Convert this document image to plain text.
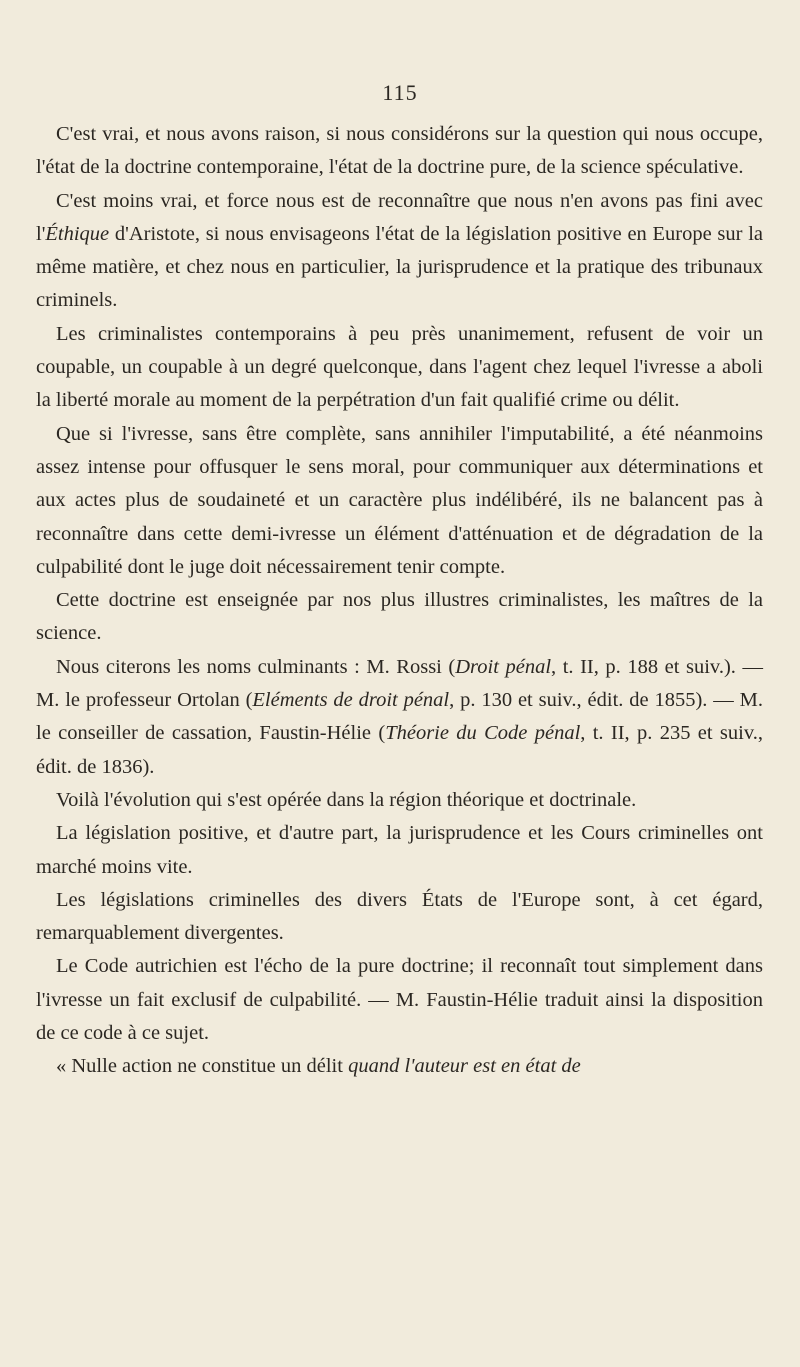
115

C'est vrai, et nous avons raison, si nous considérons sur la question qui nous occupe, l'état de la doctrine contemporaine, l'état de la doctrine pure, de la science spéculative.

C'est moins vrai, et force nous est de reconnaître que nous n'en avons pas fini avec l'Éthique d'Aristote, si nous envisageons l'état de la législation positive en Europe sur la même matière, et chez nous en particulier, la jurisprudence et la pratique des tribunaux criminels.

Les criminalistes contemporains à peu près unanimement, refusent de voir un coupable, un coupable à un degré quelconque, dans l'agent chez lequel l'ivresse a aboli la liberté morale au moment de la perpétration d'un fait qualifié crime ou délit.

Que si l'ivresse, sans être complète, sans annihiler l'imputabilité, a été néanmoins assez intense pour offusquer le sens moral, pour communiquer aux déterminations et aux actes plus de soudaineté et un caractère plus indélibéré, ils ne balancent pas à reconnaître dans cette demi-ivresse un élément d'atténuation et de dégradation de la culpabilité dont le juge doit nécessairement tenir compte.

Cette doctrine est enseignée par nos plus illustres criminalistes, les maîtres de la science.

Nous citerons les noms culminants : M. Rossi (Droit pénal, t. II, p. 188 et suiv.). — M. le professeur Ortolan (Eléments de droit pénal, p. 130 et suiv., édit. de 1855). — M. le conseiller de cassation, Faustin-Hélie (Théorie du Code pénal, t. II, p. 235 et suiv., édit. de 1836).

Voilà l'évolution qui s'est opérée dans la région théorique et doctrinale.

La législation positive, et d'autre part, la jurisprudence et les Cours criminelles ont marché moins vite.

Les législations criminelles des divers États de l'Europe sont, à cet égard, remarquablement divergentes.

Le Code autrichien est l'écho de la pure doctrine; il reconnaît tout simplement dans l'ivresse un fait exclusif de culpabilité. — M. Faustin-Hélie traduit ainsi la disposition de ce code à ce sujet.

« Nulle action ne constitue un délit quand l'auteur est en état de
